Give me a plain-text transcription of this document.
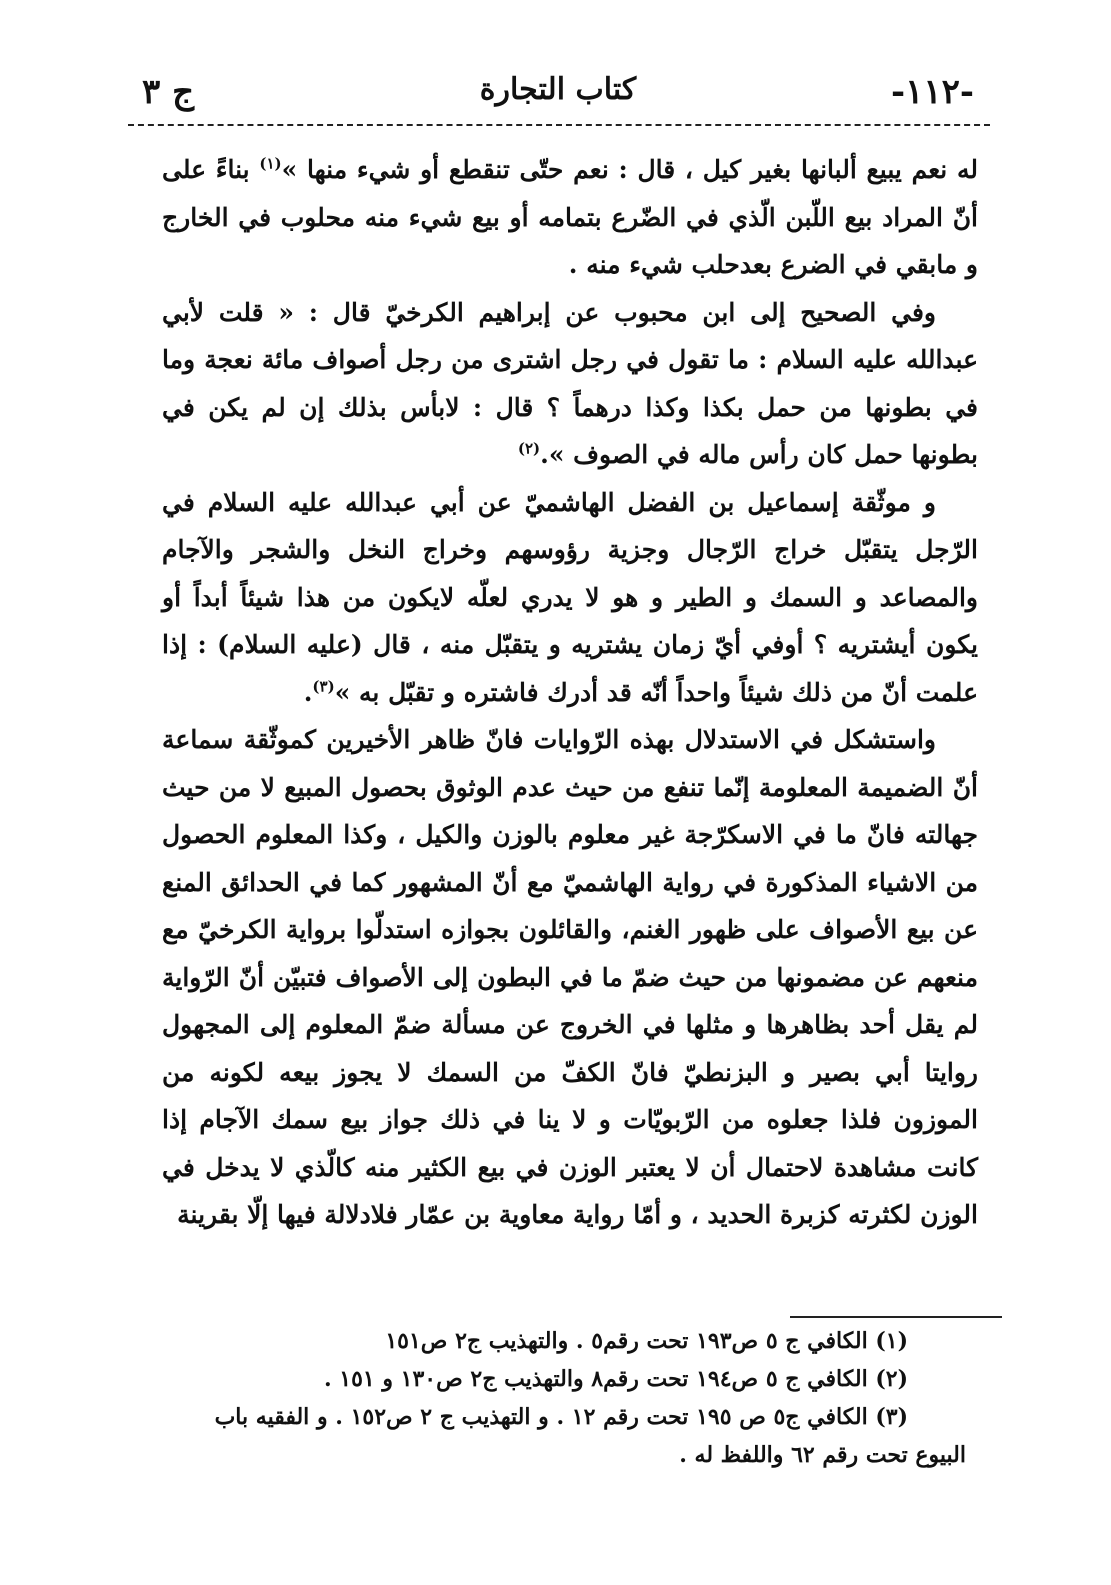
ج ٣	كتاب التجارة	-١١٢-

له نعم يبيع ألبانها بغير كيل ، قال : نعم حتّى تنقطع أو شيء منها »$^{(١)}$ بناءً على أنّ المراد بيع اللّبن الّذي في الضّرع بتمامه أو بيع شيء منه محلوب في الخارج و مابقي في الضرع بعدحلب شيء منه .

وفي الصحيح إلى ابن محبوب عن إبراهيم الكرخيّ قال : « قلت لأبي عبدالله عليه السلام : ما تقول في رجل اشترى من رجل أصواف مائة نعجة وما في بطونها من حمل بكذا وكذا درهماً ؟ قال : لابأس بذلك إن لم يكن في بطونها حمل كان رأس ماله في الصوف ».$^{(٢)}$

و موثّقة إسماعيل بن الفضل الهاشميّ عن أبي عبدالله عليه السلام في الرّجل يتقبّل خراج الرّجال وجزية رؤوسهم وخراج النخل والشجر والآجام والمصاعد و السمك و الطير و هو لا يدري لعلّه لايكون من هذا شيئاً أبداً أو يكون أيشتريه ؟ أوفي أيّ زمان يشتريه و يتقبّل منه ، قال (عليه السلام) : إذا علمت أنّ من ذلك شيئاً واحداً أنّه قد أدرك فاشتره و تقبّل به »$^{(٣)}$.

واستشكل في الاستدلال بهذه الرّوايات فانّ ظاهر الأخيرين كموثّقة سماعة أنّ الضميمة المعلومة إنّما تنفع من حيث عدم الوثوق بحصول المبيع لا من حيث جهالته فانّ ما في الاسكرّجة غير معلوم بالوزن والكيل ، وكذا المعلوم الحصول من الاشياء المذكورة في رواية الهاشميّ مع أنّ المشهور كما في الحدائق المنع عن بيع الأصواف على ظهور الغنم، والقائلون بجوازه استدلّوا برواية الكرخيّ مع منعهم عن مضمونها من حيث ضمّ ما في البطون إلى الأصواف فتبيّن أنّ الرّواية لم يقل أحد بظاهرها و مثلها في الخروج عن مسألة ضمّ المعلوم إلى المجهول روايتا أبي بصير و البزنطيّ فانّ الكفّ من السمك لا يجوز بيعه لكونه من الموزون فلذا جعلوه من الرّبويّات و لا ينا في ذلك جواز بيع سمك الآجام إذا كانت مشاهدة لاحتمال أن لا يعتبر الوزن في بيع الكثير منه كالّذي لا يدخل في الوزن لكثرته كزبرة الحديد ، و أمّا رواية معاوية بن عمّار فلادلالة فيها إلّا بقرينة

(١) الكافي ج ٥ ص١٩٣ تحت رقم٥ . والتهذيب ج٢ ص١٥١

(٢) الكافي ج ٥ ص١٩٤ تحت رقم٨ والتهذيب ج٢ ص١٣٠ و ١٥١ .

(٣) الكافي ج٥ ص ١٩٥ تحت رقم ١٢ . و التهذيب ج ٢ ص١٥٢ . و الفقيه باب

البيوع تحت رقم ٦٢ واللفظ له .
